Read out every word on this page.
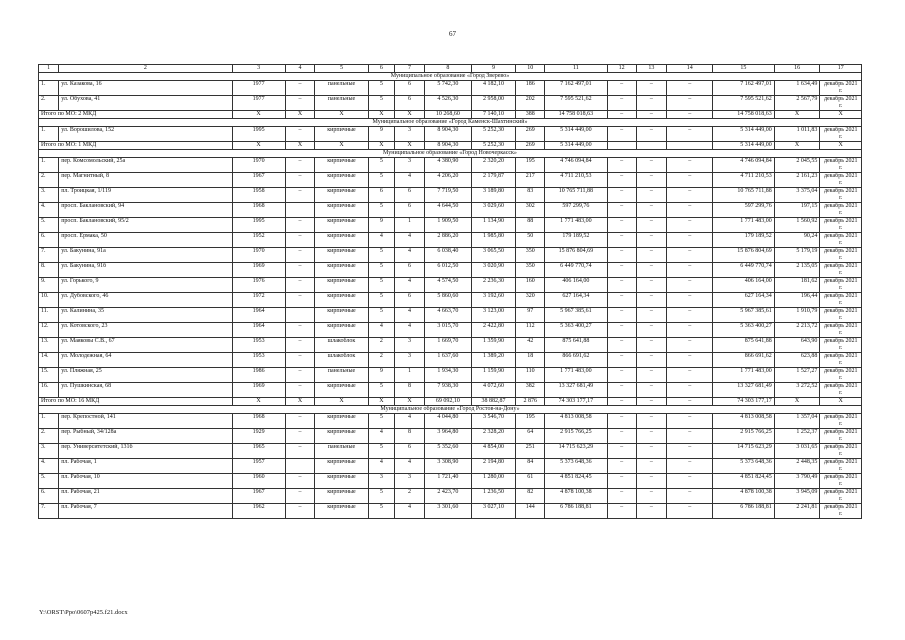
67
1	2	3	4	5	6	7	8	9	10	11	12	13	14	15	16	17
Муниципальное образование «Город Зверево»																
1.	ул. Казакова, 16	1977	–	панельные	5	6	5 742,30	4 182,10	186	7 162 497,01	–	–	–	7 162 497,01	1 634,49	декабрь 2021 г.
2.	ул. Обухова, 41	1977	–	панельные	5	6	4 526,30	2 958,00	202	7 595 521,62	–	–	–	7 595 521,62	2 567,79	декабрь 2021 г.
Итого по МО: 2 МКД		X	X	X	X	X	10 268,60	7 140,10	388	14 758 018,63	–	–	–	14 758 018,63	X	X
Муниципальное образование «Город Каменск-Шахтинский»																
1.	ул. Ворошилова, 152	1995	–	кирпичные	9	3	8 904,30	5 252,30	269	5 314 449,00	–	–	–	5 314 449,00	1 011,83	декабрь 2021 г.
Итого по МО: 1 МКД		X	X	X	X	X	8 904,30	5 252,30	269	5 314 449,00				5 314 449,00	X	X
Муниципальное образование «Город Новочеркасск»																
1.	пер. Комсомольский, 25а	1970	–	кирпичные	5	3	4 380,90	2 320,20	195	4 746 094,84	–	–	–	4 746 094,84	2 045,55	декабрь 2021 г.
2.	пер. Магнитный, 8	1967	–	кирпичные	5	4	4 206,20	2 179,87	217	4 711 210,53	–	–	–	4 711 210,53	2 161,23	декабрь 2021 г.
3.	пл. Троицкая, 1/119	1958	–	кирпичные	6	6	7 719,50	3 189,80	83	10 765 711,88	–	–	–	10 765 711,88	3 375,04	декабрь 2021 г.
4.	просп. Баклановский, 94	1968		кирпичные	5	6	4 644,50	3 029,60	302	597 299,76	–	–	–	597 299,76	197,15	декабрь 2021 г.
5.	просп. Баклановский, 95/2	1995	–	кирпичные	9	1	1 909,50	1 134,90	88	1 771 483,00	–	–	–	1 771 483,00	1 560,92	декабрь 2021 г.
6.	просп. Ермака, 50	1952	–	кирпичные	4	4	2 886,20	1 985,80	50	179 189,52	–	–	–	179 189,52	90,24	декабрь 2021 г.
7.	ул. Бакунина, 91а	1970	–	кирпичные	5	4	6 038,40	3 065,50	350	15 876 804,69	–	–	–	15 876 804,69	5 179,19	декабрь 2021 г.
8.	ул. Бакунина, 91б	1969	–	кирпичные	5	6	6 012,50	3 020,90	350	6 449 770,74	–	–	–	6 449 770,74	2 135,05	декабрь 2021 г.
9.	ул. Горького, 9	1976	–	кирпичные	5	4	4 574,50	2 236,30	160	406 164,00	–	–	–	406 164,00	181,62	декабрь 2021 г.
10.	ул. Дубовского, 46	1972	–	кирпичные	5	6	5 860,60	3 192,60	320	627 164,34	–	–	–	627 164,34	196,44	декабрь 2021 г.
11.	ул. Калинина, 35	1964		кирпичные	5	4	4 663,70	3 123,00	97	5 967 385,61	–	–	–	5 967 385,61	1 910,79	декабрь 2021 г.
12.	ул. Котовского, 23	1964	–	кирпичные	4	4	3 015,70	2 422,80	112	5 363 400,27	–	–	–	5 363 400,27	2 213,72	декабрь 2021 г.
13.	ул. Маяковы С.В., 67	1953	–	шлакоблок	2	3	1 669,70	1 359,90	42	875 641,88	–	–	–	875 641,88	643,90	декабрь 2021 г.
14.	ул. Молодежная, 64	1953	–	шлакоблок	2	3	1 637,60	1 389,20	18	866 691,62	–	–	–	866 691,62	623,88	декабрь 2021 г.
15.	ул. Пляжная, 25	1986	–	панельные	9	1	1 934,30	1 159,90	110	1 771 483,00	–	–	–	1 771 483,00	1 527,27	декабрь 2021 г.
16.	ул. Пушкинская, 68	1969	–	кирпичные	5	8	7 938,30	4 072,60	382	13 327 681,49	–	–	–	13 327 681,49	3 272,52	декабрь 2021 г.
Итого по МО: 16 МКД		X	X	X	X	X	69 092,10	38 882,87	2 876	74 303 177,17	–	–	–	74 303 177,17	X	X
Муниципальное образование «Город Ростов-на-Дону»																
1.	пер. Крепостной, 141	1968	–	кирпичные	5	4	4 044,80	3 546,70	195	4 813 008,58	–	–	–	4 813 008,58	1 357,04	декабрь 2021 г.
2.	пер. Рыбный, 34/128а	1929	–	кирпичные	4	8	3 964,80	2 328,20	64	2 915 766,25	–	–	–	2 915 766,25	1 252,37	декабрь 2021 г.
3.	пер. Университетский, 131б	1965	–	панельные	5	6	5 352,60	4 854,00	251	14 715 623,29	–	–	–	14 715 623,29	3 031,65	декабрь 2021 г.
4.	пл. Рабочая, 1	1957		кирпичные	4	4	3 308,90	2 194,80	84	5 373 648,36	–	–	–	5 373 648,36	2 448,35	декабрь 2021 г.
5.	пл. Рабочая, 10	1960	–	кирпичные	3	3	1 721,40	1 280,00	61	4 851 824,45	–	–	–	4 851 824,45	3 790,49	декабрь 2021 г.
6.	пл. Рабочая, 21	1967	–	кирпичные	5	2	2 423,70	1 236,50	82	4 878 100,38	–	–	–	4 878 100,38	3 945,09	декабрь 2021 г.
7.	пл. Рабочая, 7	1962	–	кирпичные	5	4	3 301,60	3 027,10	144	6 786 188,81	–	–	–	6 786 188,81	2 241,81	декабрь 2021 г.
Y:\ORST\Ppo\0607p425.f21.docx
